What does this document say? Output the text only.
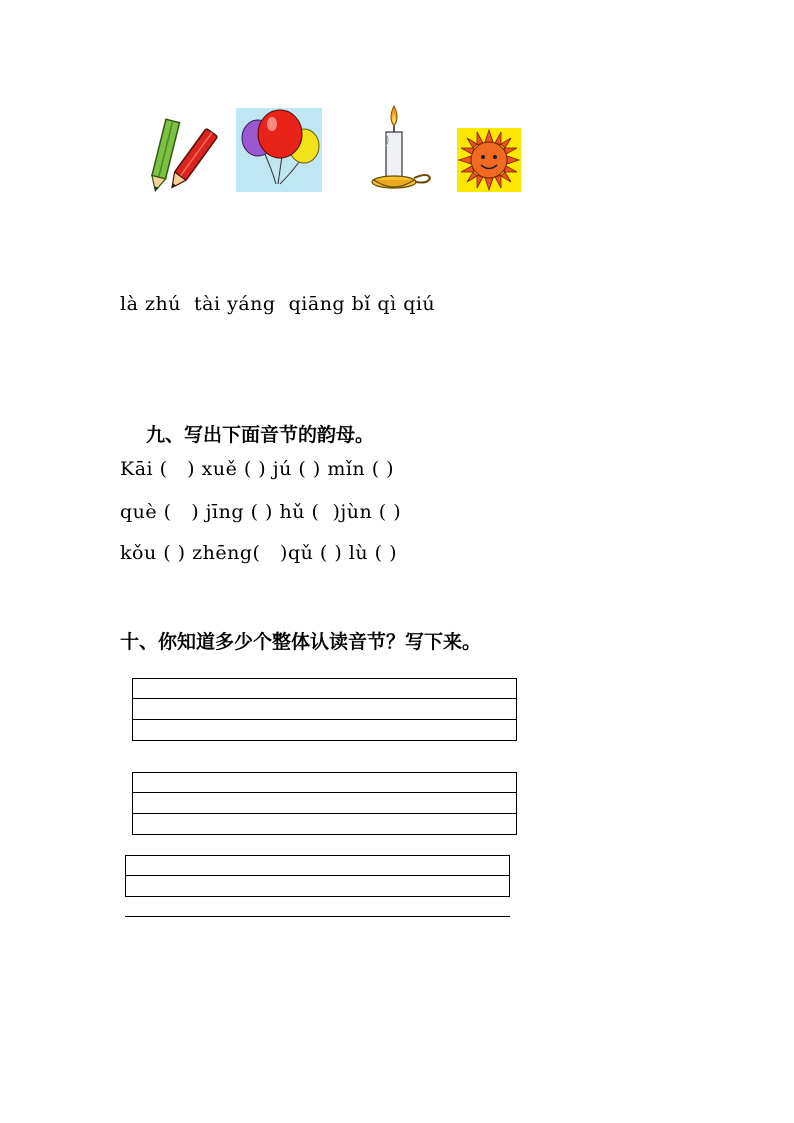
là zhú  tài yáng  qiāng bǐ qì qiú
九、写出下面音节的韵母。
Kāi (   ) xuě ( ) jú ( ) mǐn ( )
què (   ) jīng ( ) hǔ (  )jùn ( )
kǒu ( ) zhēng(   )qǔ ( ) lù ( )
十、你知道多少个整体认读音节？写下来。
